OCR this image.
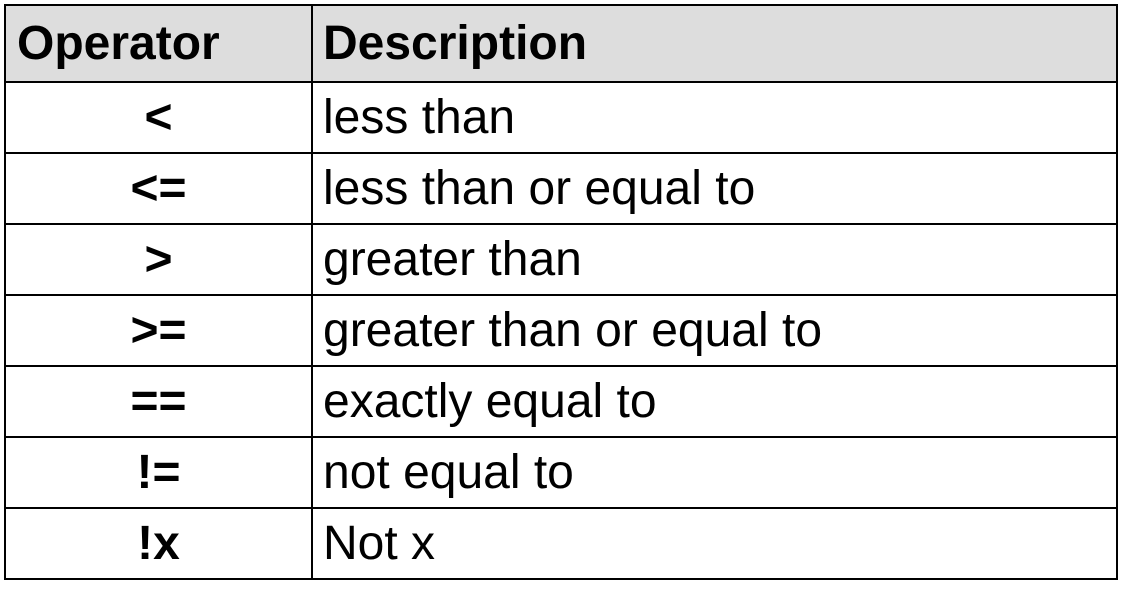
Operator	Description
<	less than
<=	less than or equal to
>	greater than
>=	greater than or equal to
==	exactly equal to
!=	not equal to
!x	Not x
